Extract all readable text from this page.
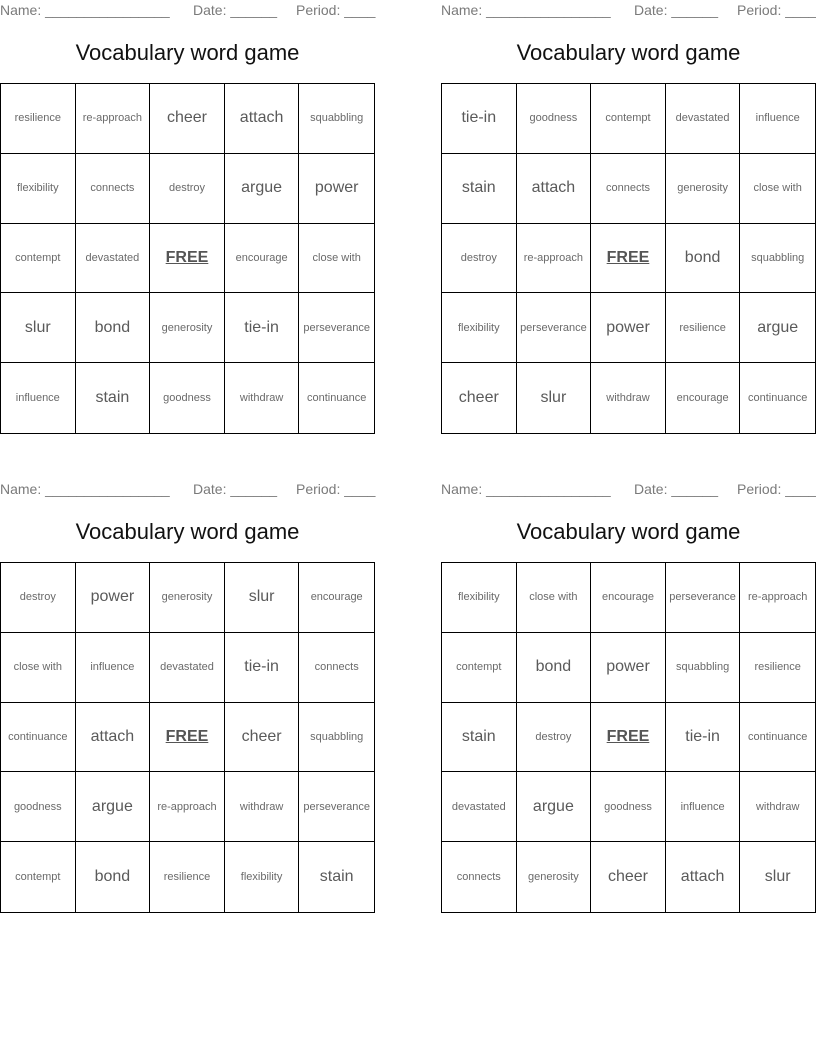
Name: ________________ Date: ______ Period: ____
Vocabulary word game
resilience	re-approach	cheer	attach	squabbling
flexibility	connects	destroy	argue	power
contempt	devastated	FREE	encourage	close with
slur	bond	generosity	tie-in	perseverance
influence	stain	goodness	withdraw	continuance
Name: ________________ Date: ______ Period: ____
Vocabulary word game
tie-in	goodness	contempt	devastated	influence
stain	attach	connects	generosity	close with
destroy	re-approach	FREE	bond	squabbling
flexibility	perseverance	power	resilience	argue
cheer	slur	withdraw	encourage	continuance
Name: ________________ Date: ______ Period: ____
Vocabulary word game
destroy	power	generosity	slur	encourage
close with	influence	devastated	tie-in	connects
continuance	attach	FREE	cheer	squabbling
goodness	argue	re-approach	withdraw	perseverance
contempt	bond	resilience	flexibility	stain
Name: ________________ Date: ______ Period: ____
Vocabulary word game
flexibility	close with	encourage	perseverance	re-approach
contempt	bond	power	squabbling	resilience
stain	destroy	FREE	tie-in	continuance
devastated	argue	goodness	influence	withdraw
connects	generosity	cheer	attach	slur
